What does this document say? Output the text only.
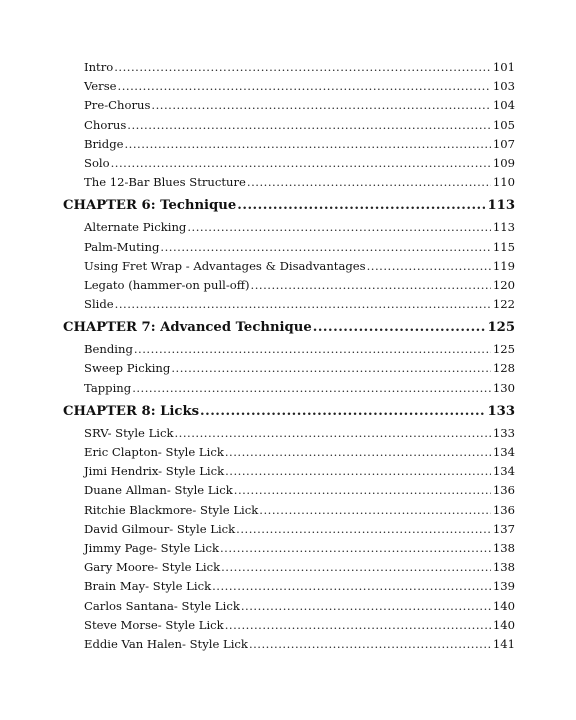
Intro .....	101
Verse .....	103
Pre-Chorus .....	104
Chorus .....	105
Bridge .....	107
Solo .....	109
The 12-Bar Blues Structure .....	110
CHAPTER 6: Technique .....	113
Alternate Picking .....	113
Palm-Muting .....	115
Using Fret Wrap - Advantages & Disadvantages .....	119
Legato (hammer-on pull-off) .....	120
Slide .....	122
CHAPTER 7: Advanced Technique .....	125
Bending .....	125
Sweep Picking .....	128
Tapping .....	130
CHAPTER 8: Licks .....	133
SRV- Style Lick .....	133
Eric Clapton- Style Lick .....	134
Jimi Hendrix- Style Lick .....	134
Duane Allman- Style Lick .....	136
Ritchie Blackmore- Style Lick .....	136
David Gilmour- Style Lick .....	137
Jimmy Page- Style Lick .....	138
Gary Moore- Style Lick .....	138
Brain May- Style Lick .....	139
Carlos Santana- Style Lick .....	140
Steve Morse- Style Lick .....	140
Eddie Van Halen- Style Lick .....	141
